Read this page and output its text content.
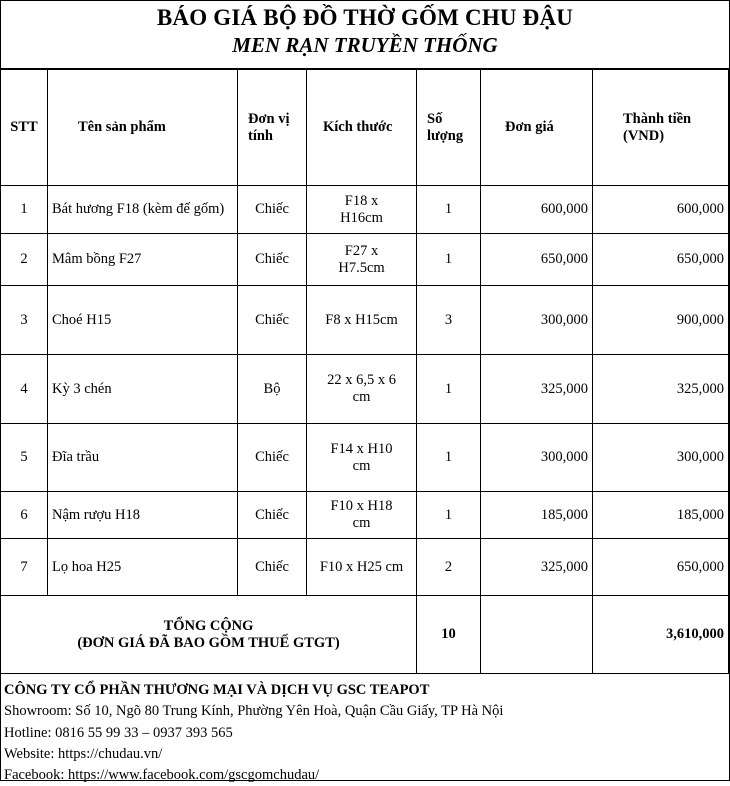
BÁO GIÁ BỘ ĐỒ THỜ GỐM CHU ĐẬU
MEN RẠN TRUYỀN THỐNG
STT	Tên sản phẩm	Đơn vị tính	Kích thước	Số lượng	Đơn giá	Thành tiền (VND)
1	Bát hương F18 (kèm đế gốm)	Chiếc	F18 x H16cm	1	600,000	600,000
2	Mâm bồng F27	Chiếc	F27 x H7.5cm	1	650,000	650,000
3	Choé H15	Chiếc	F8 x H15cm	3	300,000	900,000
4	Kỳ 3 chén	Bộ	22 x 6,5 x 6 cm	1	325,000	325,000
5	Đĩa trầu	Chiếc	F14 x H10 cm	1	300,000	300,000
6	Nậm rượu H18	Chiếc	F10 x H18 cm	1	185,000	185,000
7	Lọ hoa H25	Chiếc	F10 x H25 cm	2	325,000	650,000

TỔNG CỘNG
(ĐƠN GIÁ ĐÃ BAO GỒM THUẾ GTGT)				10		3,610,000
CÔNG TY CỔ PHẦN THƯƠNG MẠI VÀ DỊCH VỤ GSC TEAPOT
Showroom: Số 10, Ngõ 80 Trung Kính, Phường Yên Hoà, Quận Cầu Giấy, TP Hà Nội
Hotline: 0816 55 99 33 – 0937 393 565
Website: https://chudau.vn/
Facebook: https://www.facebook.com/gscgomchudau/
